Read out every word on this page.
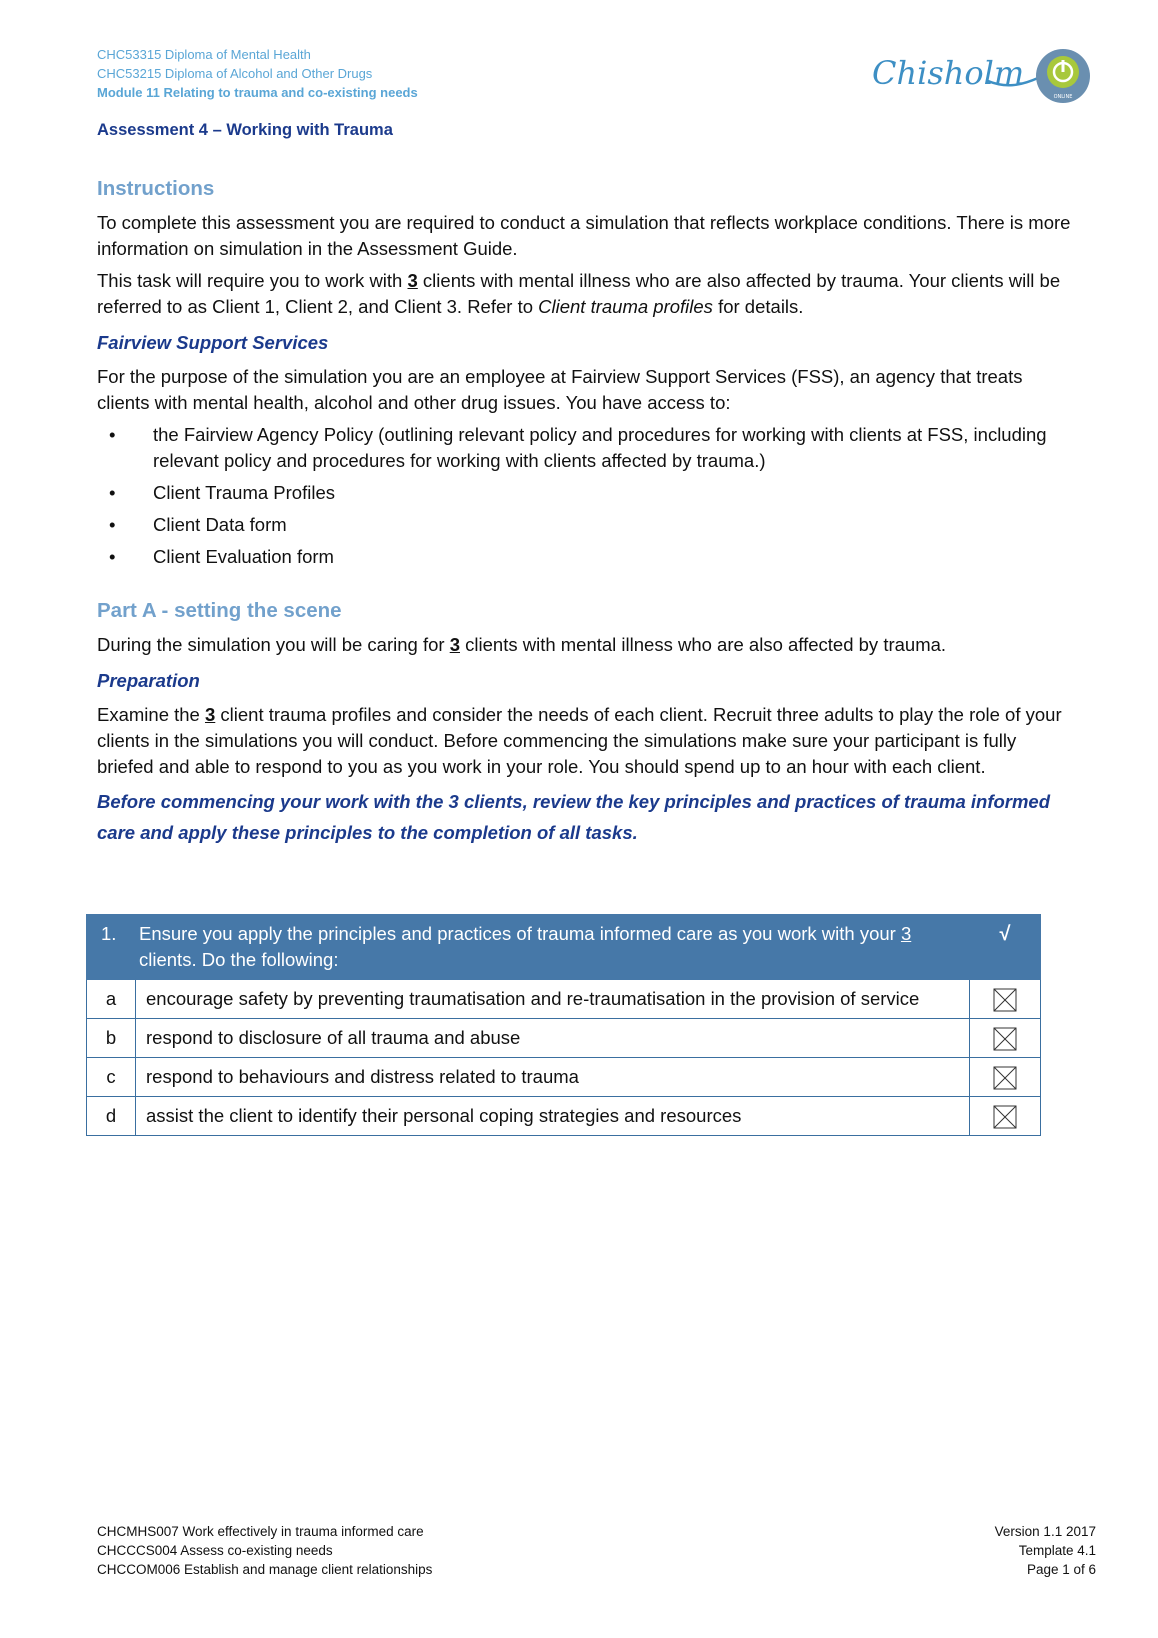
CHC53315 Diploma of Mental Health
CHC53215 Diploma of Alcohol and Other Drugs
Module 11 Relating to trauma and co-existing needs
Chisholm
ONLINE
Assessment 4 – Working with Trauma
Instructions

To complete this assessment you are required to conduct a simulation that reflects workplace conditions. There is more information on simulation in the Assessment Guide.

This task will require you to work with 3 clients with mental illness who are also affected by trauma. Your clients will be referred to as Client 1, Client 2, and Client 3. Refer to Client trauma profiles for details.

Fairview Support Services

For the purpose of the simulation you are an employee at Fairview Support Services (FSS), an agency that treats clients with mental health, alcohol and other drug issues. You have access to:

• the Fairview Agency Policy (outlining relevant policy and procedures for working with clients at FSS, including relevant policy and procedures for working with clients affected by trauma.)
• Client Trauma Profiles
• Client Data form
• Client Evaluation form
Part A - setting the scene

During the simulation you will be caring for 3 clients with mental illness who are also affected by trauma.

Preparation

Examine the 3 client trauma profiles and consider the needs of each client. Recruit three adults to play the role of your clients in the simulations you will conduct. Before commencing the simulations make sure your participant is fully briefed and able to respond to you as you work in your role. You should spend up to an hour with each client.

Before commencing your work with the 3 clients, review the key principles and practices of trauma informed care and apply these principles to the completion of all tasks.

1. Ensure you apply the principles and practices of trauma informed care as you work with your 3 clients. Do the following:		√
a	encourage safety by preventing traumatisation and re-traumatisation in the provision of service	
b	respond to disclosure of all trauma and abuse	
c	respond to behaviours and distress related to trauma	
d	assist the client to identify their personal coping strategies and resources	
CHCMHS007 Work effectively in trauma informed care
CHCCCS004 Assess co-existing needs
CHCCOM006 Establish and manage client relationships
Version 1.1 2017
Template 4.1
Page 1 of 6
